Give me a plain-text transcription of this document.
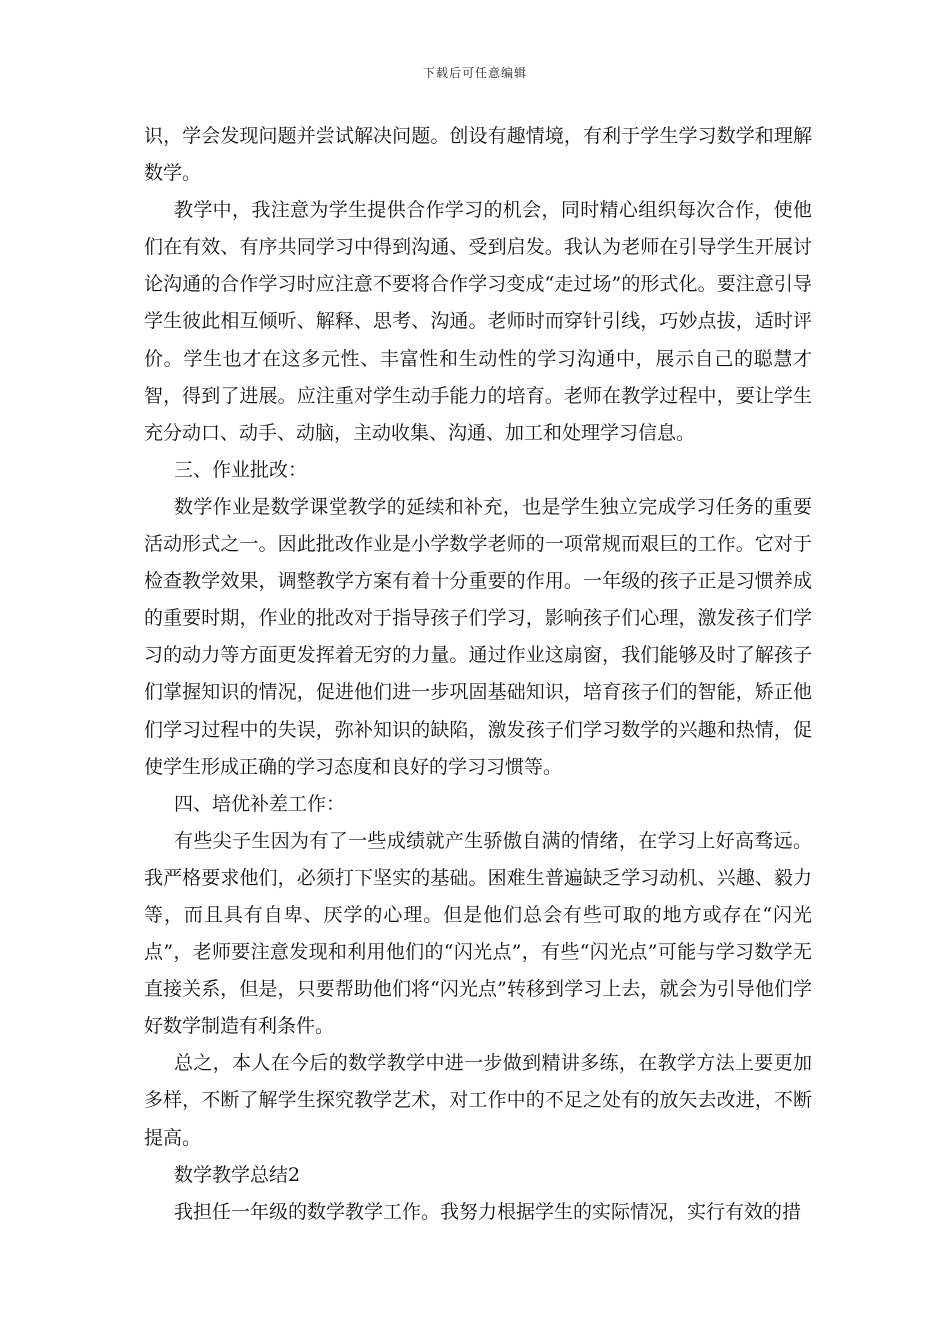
下载后可任意编辑

识，学会发现问题并尝试解决问题。创设有趣情境，有利于学生学习数学和理解数学。

教学中，我注意为学生提供合作学习的机会，同时精心组织每次合作，使他们在有效、有序共同学习中得到沟通、受到启发。我认为老师在引导学生开展讨论沟通的合作学习时应注意不要将合作学习变成“走过场”的形式化。要注意引导学生彼此相互倾听、解释、思考、沟通。老师时而穿针引线，巧妙点拔，适时评价。学生也才在这多元性、丰富性和生动性的学习沟通中，展示自己的聪慧才智，得到了进展。应注重对学生动手能力的培育。老师在教学过程中，要让学生充分动口、动手、动脑，主动收集、沟通、加工和处理学习信息。

三、作业批改：

数学作业是数学课堂教学的延续和补充，也是学生独立完成学习任务的重要活动形式之一。因此批改作业是小学数学老师的一项常规而艰巨的工作。它对于检查教学效果，调整教学方案有着十分重要的作用。一年级的孩子正是习惯养成的重要时期，作业的批改对于指导孩子们学习，影响孩子们心理，激发孩子们学习的动力等方面更发挥着无穷的力量。通过作业这扇窗，我们能够及时了解孩子们掌握知识的情况，促进他们进一步巩固基础知识，培育孩子们的智能，矫正他们学习过程中的失误，弥补知识的缺陷，激发孩子们学习数学的兴趣和热情，促使学生形成正确的学习态度和良好的学习习惯等。

四、培优补差工作：

有些尖子生因为有了一些成绩就产生骄傲自满的情绪，在学习上好高骛远。我严格要求他们，必须打下坚实的基础。困难生普遍缺乏学习动机、兴趣、毅力等，而且具有自卑、厌学的心理。但是他们总会有些可取的地方或存在“闪光点”，老师要注意发现和利用他们的“闪光点”，有些“闪光点”可能与学习数学无直接关系，但是，只要帮助他们将“闪光点”转移到学习上去，就会为引导他们学好数学制造有利条件。

总之，本人在今后的数学教学中进一步做到精讲多练，在教学方法上要更加多样，不断了解学生探究教学艺术，对工作中的不足之处有的放矢去改进，不断提高。

数学教学总结2

我担任一年级的数学教学工作。我努力根据学生的实际情况，实行有效的措
